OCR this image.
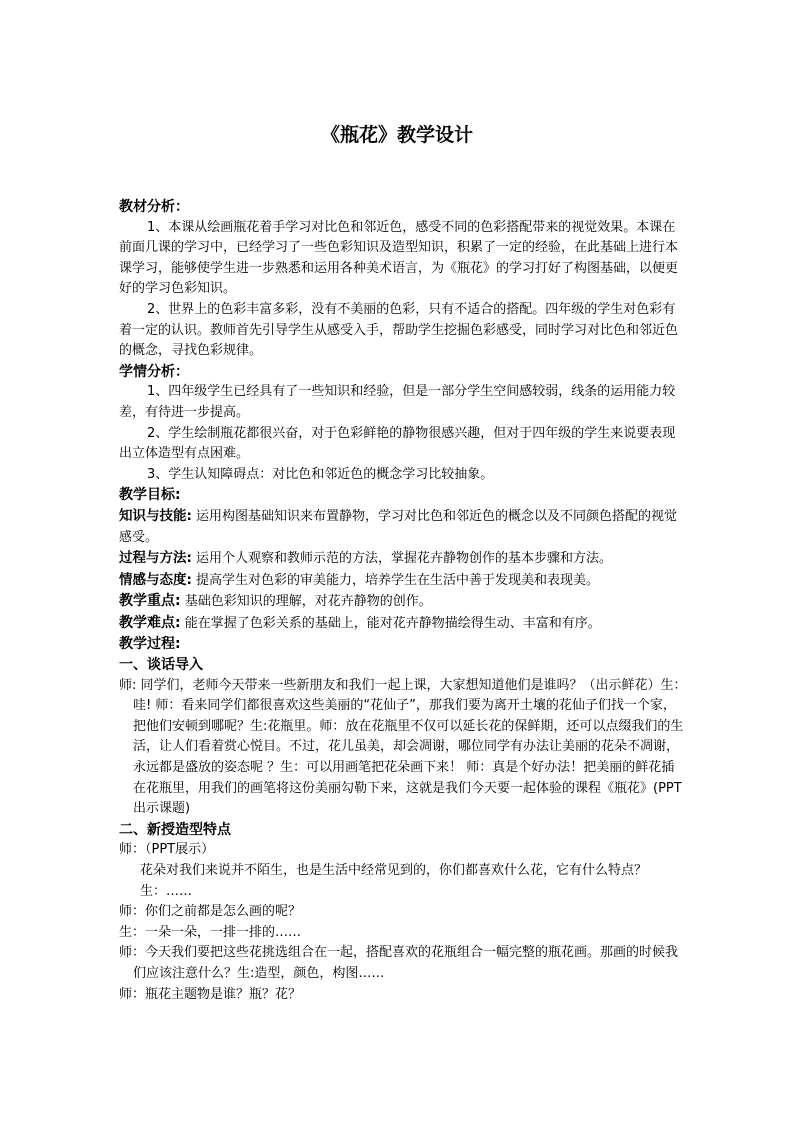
《瓶花》教学设计

教材分析：

1、本课从绘画瓶花着手学习对比色和邻近色，感受不同的色彩搭配带来的视觉效果。本课在前面几课的学习中，已经学习了一些色彩知识及造型知识，积累了一定的经验，在此基础上进行本课学习，能够使学生进一步熟悉和运用各种美术语言，为《瓶花》的学习打好了构图基础，以便更好的学习色彩知识。

2、世界上的色彩丰富多彩，没有不美丽的色彩，只有不适合的搭配。四年级的学生对色彩有着一定的认识。教师首先引导学生从感受入手，帮助学生挖掘色彩感受，同时学习对比色和邻近色的概念，寻找色彩规律。

学情分析：

1、四年级学生已经具有了一些知识和经验，但是一部分学生空间感较弱，线条的运用能力较差，有待进一步提高。

2、学生绘制瓶花都很兴奋，对于色彩鲜艳的静物很感兴趣，但对于四年级的学生来说要表现出立体造型有点困难。

3、学生认知障碍点：对比色和邻近色的概念学习比较抽象。

教学目标:

知识与技能: 运用构图基础知识来布置静物，学习对比色和邻近色的概念以及不同颜色搭配的视觉感受。

过程与方法: 运用个人观察和教师示范的方法，掌握花卉静物创作的基本步骤和方法。

情感与态度: 提高学生对色彩的审美能力，培养学生在生活中善于发现美和表现美。

教学重点: 基础色彩知识的理解，对花卉静物的创作。

教学难点: 能在掌握了色彩关系的基础上，能对花卉静物描绘得生动、丰富和有序。

教学过程:

一、谈话导入

师: 同学们，老师今天带来一些新朋友和我们一起上课，大家想知道他们是谁吗？（出示鲜花）生：哇! 师：看来同学们都很喜欢这些美丽的“花仙子”，那我们要为离开土壤的花仙子们找一个家，把他们安顿到哪呢？生:花瓶里。师：放在花瓶里不仅可以延长花的保鲜期，还可以点缀我们的生活，让人们看着赏心悦目。不过，花儿虽美，却会凋谢，哪位同学有办法让美丽的花朵不凋谢，永远都是盛放的姿态呢 ？生：可以用画笔把花朵画下来！ 师：真是个好办法！把美丽的鲜花插在花瓶里，用我们的画笔将这份美丽勾勒下来，这就是我们今天要一起体验的课程《瓶花》(PPT出示课题)

二、新授造型特点

师：（PPT展示）

花朵对我们来说并不陌生，也是生活中经常见到的，你们都喜欢什么花，它有什么特点？

生：……

师：你们之前都是怎么画的呢？

生：一朵一朵，一排一排的……

师：今天我们要把这些花挑选组合在一起，搭配喜欢的花瓶组合一幅完整的瓶花画。那画的时候我们应该注意什么？生:造型，颜色，构图……

师：瓶花主题物是谁？瓶？花？
